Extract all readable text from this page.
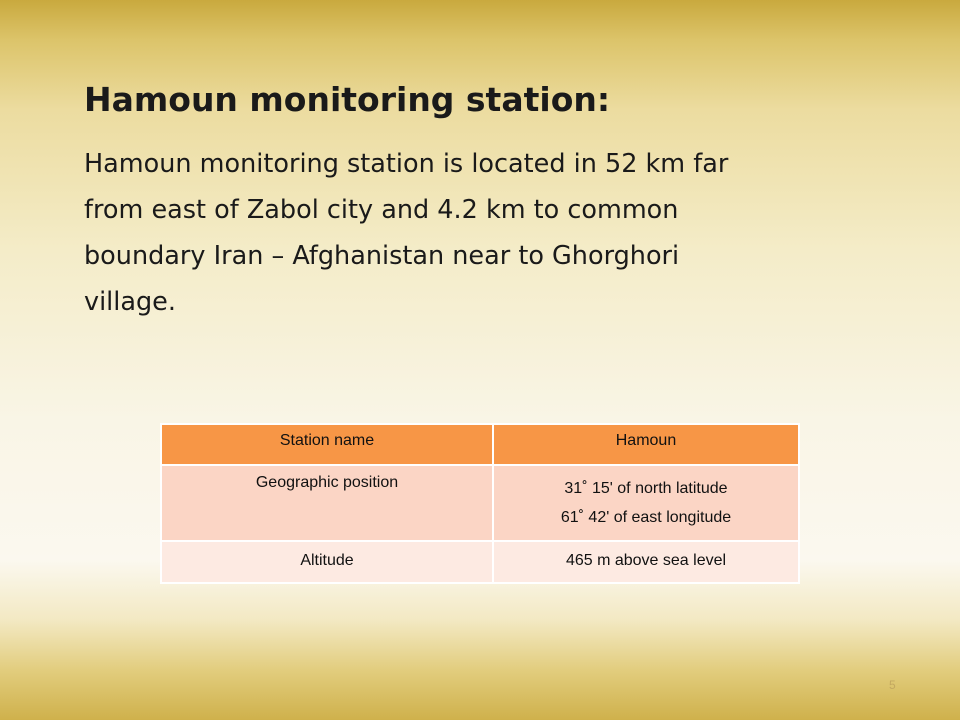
Hamoun monitoring station:

Hamoun monitoring station is located in 52 km far
from east of Zabol city and 4.2 km to common
boundary Iran – Afghanistan near to Ghorghori
village.

Station name	Hamoun
Geographic position	31˚ 15' of north latitude
61˚ 42' of east longitude

Altitude	465 m above sea level
5
